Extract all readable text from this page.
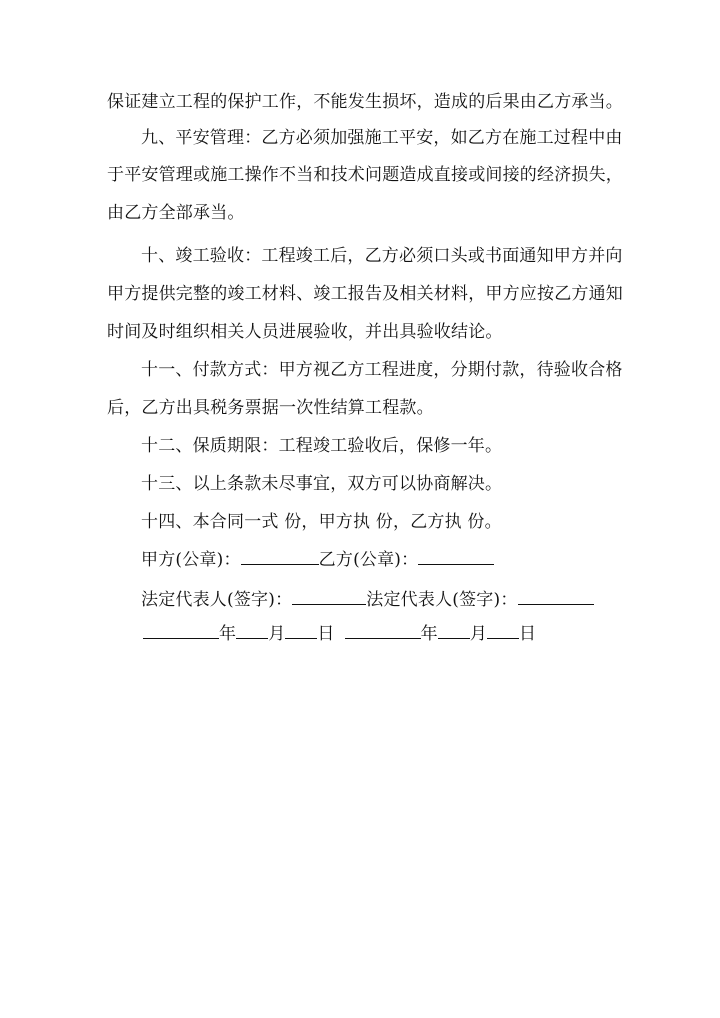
保证建立工程的保护工作，不能发生损坏，造成的后果由乙方承当。

九、平安管理：乙方必须加强施工平安，如乙方在施工过程中由

于平安管理或施工操作不当和技术问题造成直接或间接的经济损失，

由乙方全部承当。

十、竣工验收：工程竣工后，乙方必须口头或书面通知甲方并向

甲方提供完整的竣工材料、竣工报告及相关材料，甲方应按乙方通知

时间及时组织相关人员进展验收，并出具验收结论。

十一、付款方式：甲方视乙方工程进度，分期付款，待验收合格

后，乙方出具税务票据一次性结算工程款。

十二、保质期限：工程竣工验收后，保修一年。

十三、以上条款未尽事宜，双方可以协商解决。

十四、本合同一式 份，甲方执 份，乙方执 份。

甲方(公章)：	乙方(公章)：
法定代表人(签字)：	法定代表人(签字)：
年 月 日	年 月 日
